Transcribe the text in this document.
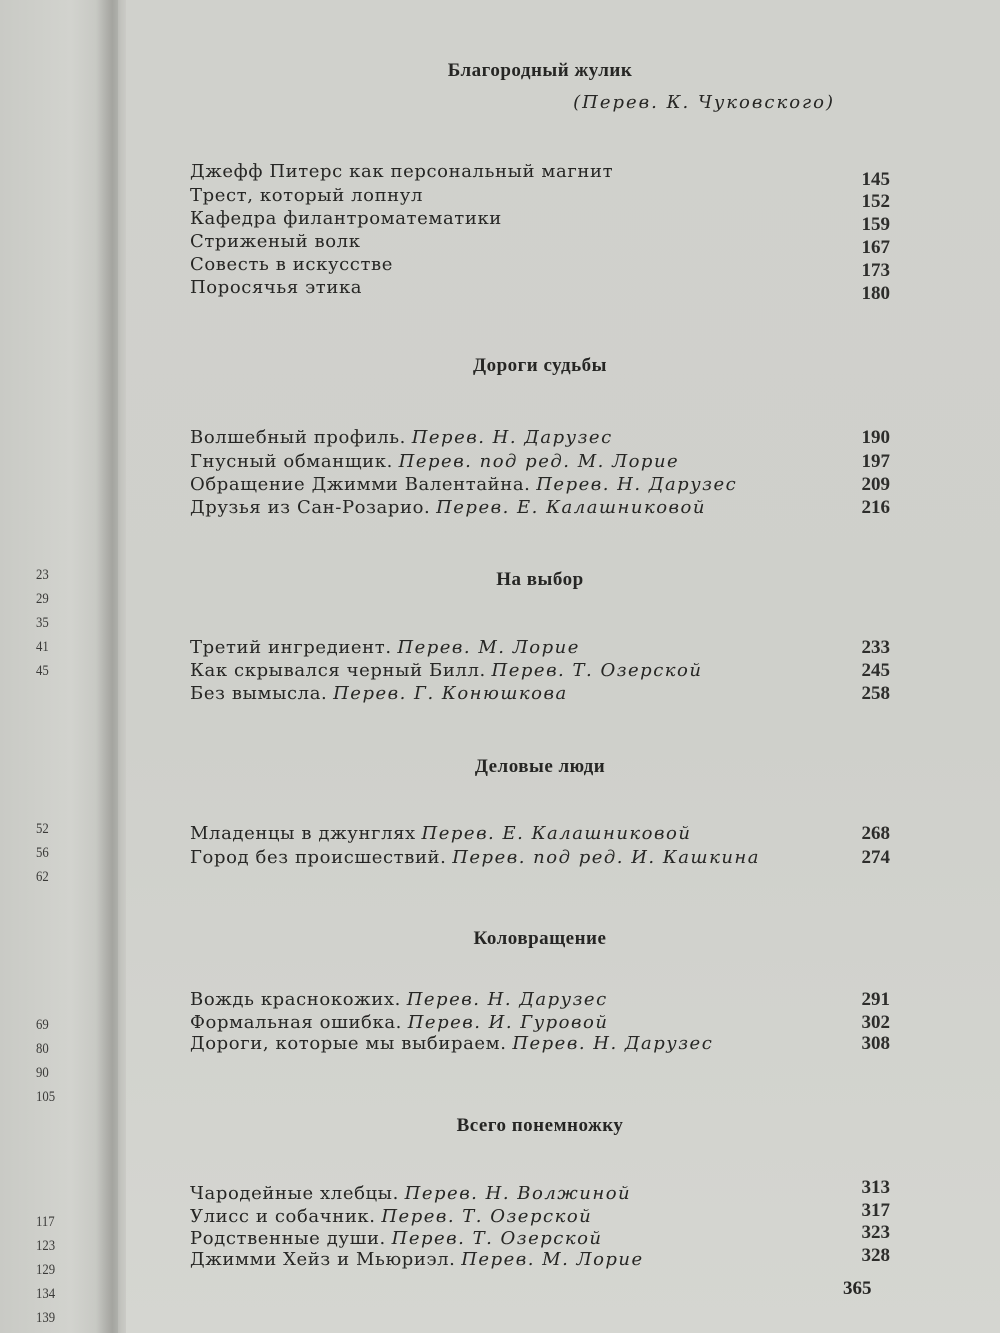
23
29
35
41
45
52
56
62
69
80
90
105
117
123
129
134
139
Благородный жулик
(Перев. К. Чуковского)
Джефф Питерс как персональный магнит	145
Трест, который лопнул	152
Кафедра филантроматематики	159
Стриженый волк	167
Совесть в искусстве	173
Поросячья этика	180
Дороги судьбы
Волшебный профиль. Перев. Н. Дарузес	190
Гнусный обманщик. Перев. под ред. М. Лорие	197
Обращение Джимми Валентайна. Перев. Н. Дарузес	209
Друзья из Сан-Розарио. Перев. Е. Калашниковой	216
На выбор
Третий ингредиент. Перев. М. Лорие	233
Как скрывался черный Билл. Перев. Т. Озерской	245
Без вымысла. Перев. Г. Конюшкова	258
Деловые люди
Младенцы в джунглях Перев. Е. Калашниковой	268
Город без происшествий. Перев. под ред. И. Кашкина	274
Коловращение
Вождь краснокожих. Перев. Н. Дарузес	291
Формальная ошибка. Перев. И. Гуровой	302
Дороги, которые мы выбираем. Перев. Н. Дарузес	308
Всего понемножку
Чародейные хлебцы. Перев. Н. Волжиной	313
Улисс и собачник. Перев. Т. Озерской	317
Родственные души. Перев. Т. Озерской	323
Джимми Хейз и Мьюриэл. Перев. М. Лорие	328
365
